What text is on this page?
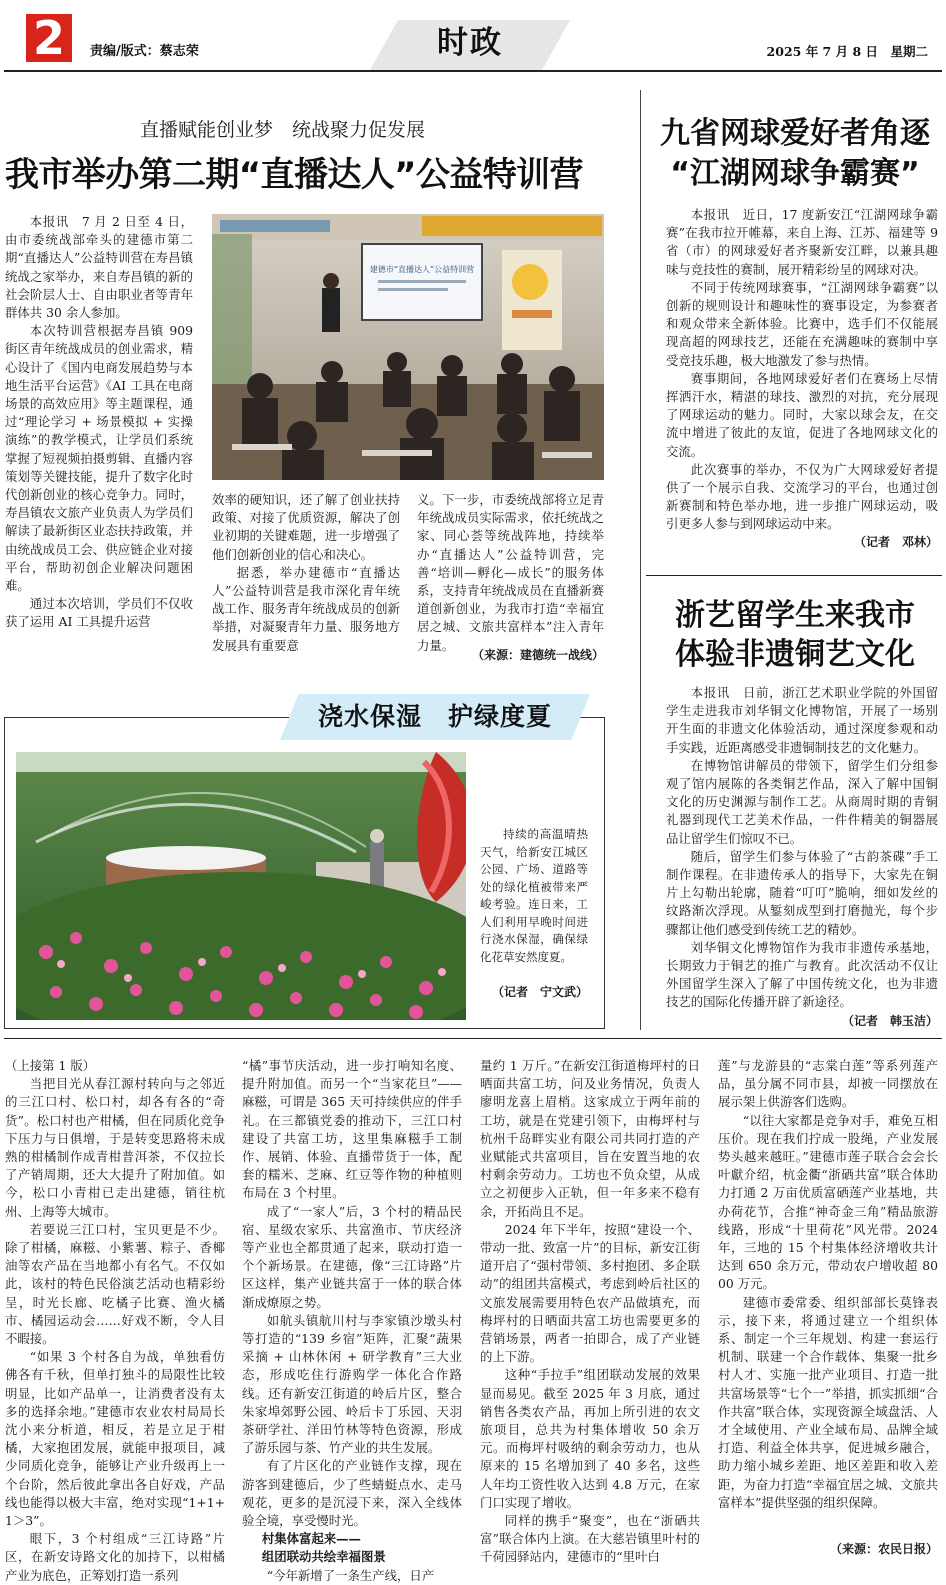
2	责编/版式：蔡志荣	时政	2025 年 7 月 8 日　星期二
直播赋能创业梦　统战聚力促发展
我市举办第二期“直播达人”公益特训营
建德市“直播达人”公益特训营

本报讯　7 月 2 日至 4 日，由市委统战部牵头的建德市第二期“直播达人”公益特训营在寿昌镇统战之家举办，来自寿昌镇的新的社会阶层人士、自由职业者等青年群体共 30 余人参加。

本次特训营根据寿昌镇 909 街区青年统战成员的创业需求，精心设计了《国内电商发展趋势与本地生活平台运营》《AI 工具在电商场景的高效应用》等主题课程，通过“理论学习 + 场景模拟 + 实操演练”的教学模式，让学员们系统掌握了短视频拍摄剪辑、直播内容策划等关键技能，提升了数字化时代创新创业的核心竞争力。同时，寿昌镇农文旅产业负责人为学员们解读了最新街区业态扶持政策，并由统战成员工会、供应链企业对接平台，帮助初创企业解决问题困难。

通过本次培训，学员们不仅收获了运用 AI 工具提升运营

效率的硬知识，还了解了创业扶持政策、对接了优质资源，解决了创业初期的关键难题，进一步增强了他们创新创业的信心和决心。

据悉，举办建德市“直播达人”公益特训营是我市深化青年统战工作、服务青年统战成员的创新举措，对凝聚青年力量、服务地方发展具有重要意

义。下一步，市委统战部将立足青年统战成员实际需求，依托统战之家、同心荟等统战阵地，持续举办“直播达人”公益特训营，完善“培训—孵化—成长”的服务体系，支持青年统战成员在直播新赛道创新创业，为我市打造“幸福宜居之城、文旅共富样本”注入青年力量。

（来源：建德统一战线）
九省网球爱好者角逐
“江湖网球争霸赛”

本报讯　近日，17 度新安江“江湖网球争霸赛”在我市拉开帷幕，来自上海、江苏、福建等 9 省（市）的网球爱好者齐聚新安江畔，以兼具趣味与竞技性的赛制，展开精彩纷呈的网球对决。

不同于传统网球赛事，“江湖网球争霸赛”以创新的规则设计和趣味性的赛事设定，为参赛者和观众带来全新体验。比赛中，选手们不仅能展现高超的网球技艺，还能在充满趣味的赛制中享受竞技乐趣，极大地激发了参与热情。

赛事期间，各地网球爱好者们在赛场上尽情挥洒汗水，精湛的球技、激烈的对抗，充分展现了网球运动的魅力。同时，大家以球会友，在交流中增进了彼此的友谊，促进了各地网球文化的交流。

此次赛事的举办，不仅为广大网球爱好者提供了一个展示自我、交流学习的平台，也通过创新赛制和特色举办地，进一步推广网球运动，吸引更多人参与到网球运动中来。

（记者　邓林）
浙艺留学生来我市
体验非遗铜艺文化

本报讯　日前，浙江艺术职业学院的外国留学生走进我市刘华铜文化博物馆，开展了一场别开生面的非遗文化体验活动，通过深度参观和动手实践，近距离感受非遗铜制技艺的文化魅力。

在博物馆讲解员的带领下，留学生们分组参观了馆内展陈的各类铜艺作品，深入了解中国铜文化的历史渊源与制作工艺。从商周时期的青铜礼器到现代工艺美术作品，一件件精美的铜器展品让留学生们惊叹不已。

随后，留学生们参与体验了“古韵茶碟”手工制作课程。在非遗传承人的指导下，大家先在铜片上勾勒出轮廓，随着“叮叮”脆响，细如发丝的纹路渐次浮现。从錾刻成型到打磨抛光，每个步骤都让他们感受到传统工艺的精妙。

刘华铜文化博物馆作为我市非遗传承基地，长期致力于铜艺的推广与教育。此次活动不仅让外国留学生深入了解了中国传统文化，也为非遗技艺的国际化传播开辟了新途径。

（记者　韩玉洁）
浇水保湿　护绿度夏
持续的高温晴热天气，给新安江城区公园、广场、道路等处的绿化植被带来严峻考验。连日来，工人们利用早晚时间进行浇水保湿，确保绿化花草安然度夏。
（记者　宁文武）

（上接第 1 版）

当把目光从春江源村转向与之邻近的三江口村、松口村，却各有各的“奇货”。松口村也产柑橘，但在同质化竞争下压力与日俱增，于是转变思路将未成熟的柑橘制作成青柑普洱茶，不仅拉长了产销周期，还大大提升了附加值。如今，松口小青柑已走出建德，销往杭州、上海等大城市。

若要说三江口村，宝贝更是不少。除了柑橘，麻糍、小紫薯、粽子、香椰油等农产品在当地都小有名气。不仅如此，该村的特色民俗演艺活动也精彩纷呈，时光长廊、吃橘子比赛、渔火橘市、橘园运动会……好戏不断，令人目不暇接。

“如果 3 个村各自为战，单独看仿佛各有千秋，但单打独斗的局限性比较明显，比如产品单一，让消费者没有太多的选择余地。”建德市农业农村局局长沈小来分析道，相反，若是立足于柑橘，大家抱团发展，就能申报项目，减少同质化竞争，能够让产业升级再上一个台阶，然后彼此拿出各自好戏，产品线也能得以极大丰富，绝对实现“1+1+1＞3”。

眼下，3 个村组成“三江诗路”片区，在新安诗路文化的加持下，以柑橘产业为底色，正筹划打造一系列

“橘”事节庆活动，进一步打响知名度、提升附加值。而另一个“当家花旦”——麻糍，可谓是 365 天可持续供应的伴手礼。在三都镇党委的推动下，三江口村建设了共富工坊，这里集麻糍手工制作、展销、体验、直播带货于一体，配套的糯米、芝麻、红豆等作物的种植则布局在 3 个村里。

成了“一家人”后，3 个村的精品民宿、星级农家乐、共富渔市、节庆经济等产业也全都贯通了起来，联动打造一个个新场景。在建德，像“三江诗路”片区这样，集产业链共富于一体的联合体渐成燎原之势。

如航头镇航川村与李家镇沙墩头村等打造的“139 乡宿”矩阵，汇聚“蔬果采摘 + 山林休闲 + 研学教育”三大业态，形成吃住行游购学一体化合作路线。还有新安江街道的岭后片区，整合朱家埠郊野公园、岭后卡丁乐园、天羽茶研学社、洋田竹林等特色资源，形成了游乐园与茶、竹产业的共生发展。

有了片区化的产业链作支撑，现在游客到建德后，少了些蜻蜓点水、走马观花，更多的是沉浸下来，深入全线体验全境，享受慢时光。

村集体富起来——

组团联动共绘幸福图景

“今年新增了一条生产线，日产

量约 1 万斤。”在新安江街道梅坪村的日晒面共富工坊，问及业务情况，负责人廖明龙喜上眉梢。这家成立于两年前的工坊，就是在党建引领下，由梅坪村与杭州千岛畔实业有限公司共同打造的产业赋能式共富项目，旨在安置当地的农村剩余劳动力。工坊也不负众望，从成立之初便步入正轨，但一年多来不稳有余，开拓尚且不足。

2024 年下半年，按照“建设一个、带动一批、致富一片”的目标，新安江街道开启了“强村带领、多村抱团、多企联动”的组团共富模式，考虑到岭后社区的文旅发展需要用特色农产品做填充，而梅坪村的日晒面共富工坊也需要更多的营销场景，两者一拍即合，成了产业链的上下游。

这种“手拉手”组团联动发展的效果显而易见。截至 2025 年 3 月底，通过销售各类农产品，再加上所引进的农文旅项目，总共为村集体增收 50 余万元。而梅坪村吸纳的剩余劳动力，也从原来的 15 名增加到了 40 多名，这些人年均工资性收入达到 4.8 万元，在家门口实现了增收。

同样的携手“聚变”，也在“浙硒共富”联合体内上演。在大慈岩镇里叶村的千荷园驿站内，建德市的“里叶白

莲”与龙游县的“志棠白莲”等系列莲产品，虽分属不同市县，却被一同摆放在展示架上供游客们选购。

“以往大家都是竞争对手，难免互相压价。现在我们拧成一股绳，产业发展势头越来越旺。”建德市莲子联合会会长叶獻介绍，杭金衢“浙硒共富”联合体助力打通 2 万亩优质富硒莲产业基地，共办荷花节，合推“神奇金三角”精品旅游线路，形成“十里荷花”风光带。2024 年，三地的 15 个村集体经济增收共计达到 650 余万元，带动农户增收超 8000 万元。

建德市委常委、组织部部长莫锋表示，接下来，将通过建立一个组织体系、制定一个三年规划、构建一套运行机制、联建一个合作载体、集聚一批乡村人才、实施一批产业项目、打造一批共富场景等“七个一”举措，抓实抓细“合作共富”联合体，实现资源全域盘活、人才全域使用、产业全域布局、品牌全域打造、利益全体共享，促进城乡融合，助力缩小城乡差距、地区差距和收入差距，为奋力打造“幸福宜居之城、文旅共富样本”提供坚强的组织保障。

（来源：农民日报）
